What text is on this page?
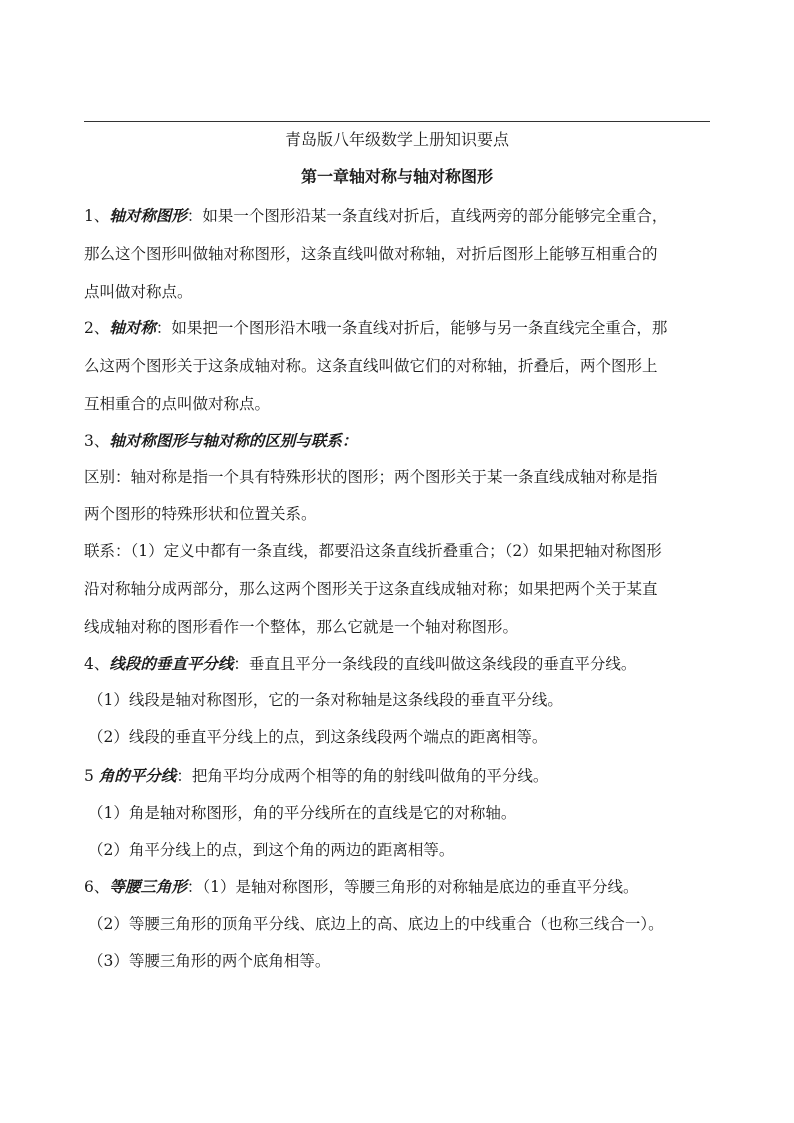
青岛版八年级数学上册知识要点
第一章轴对称与轴对称图形
1、轴对称图形：如果一个图形沿某一条直线对折后，直线两旁的部分能够完全重合，
那么这个图形叫做轴对称图形，这条直线叫做对称轴，对折后图形上能够互相重合的
点叫做对称点。
2、轴对称：如果把一个图形沿木哦一条直线对折后，能够与另一条直线完全重合，那
么这两个图形关于这条成轴对称。这条直线叫做它们的对称轴，折叠后，两个图形上
互相重合的点叫做对称点。
3、轴对称图形与轴对称的区别与联系：
区别：轴对称是指一个具有特殊形状的图形；两个图形关于某一条直线成轴对称是指
两个图形的特殊形状和位置关系。
联系：（1）定义中都有一条直线，都要沿这条直线折叠重合；（2）如果把轴对称图形
沿对称轴分成两部分，那么这两个图形关于这条直线成轴对称；如果把两个关于某直
线成轴对称的图形看作一个整体，那么它就是一个轴对称图形。
4、线段的垂直平分线：垂直且平分一条线段的直线叫做这条线段的垂直平分线。
（1）线段是轴对称图形，它的一条对称轴是这条线段的垂直平分线。
（2）线段的垂直平分线上的点，到这条线段两个端点的距离相等。
5 角的平分线：把角平均分成两个相等的角的射线叫做角的平分线。
（1）角是轴对称图形，角的平分线所在的直线是它的对称轴。
（2）角平分线上的点，到这个角的两边的距离相等。
6、等腰三角形：（1）是轴对称图形，等腰三角形的对称轴是底边的垂直平分线。
（2）等腰三角形的顶角平分线、底边上的高、底边上的中线重合（也称三线合一）。
（3）等腰三角形的两个底角相等。
